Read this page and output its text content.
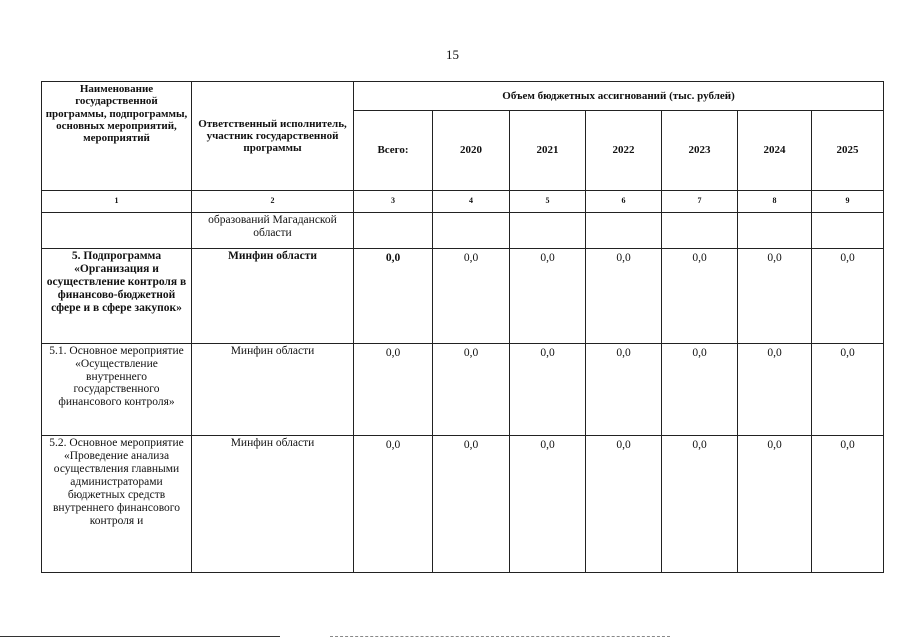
15
Наименование государственной программы, подпрограммы, основных мероприятий, мероприятий	Ответственный исполнитель, участник государственной программы	Объем бюджетных ассигнований (тыс. рублей)						
		Всего:	2020	2021	2022	2023	2024	2025
1	2	3	4	5	6	7	8	9
	образований Магаданской области							
5. Подпрограмма «Организация и осуществление контроля в финансово-бюджетной сфере и в сфере закупок»	Минфин области	0,0	0,0	0,0	0,0	0,0	0,0	0,0
5.1. Основное мероприятие «Осуществление внутреннего государственного финансового контроля»	Минфин области	0,0	0,0	0,0	0,0	0,0	0,0	0,0
5.2. Основное мероприятие «Проведение анализа осуществления главными администраторами бюджетных средств внутреннего финансового контроля и	Минфин области	0,0	0,0	0,0	0,0	0,0	0,0	0,0
